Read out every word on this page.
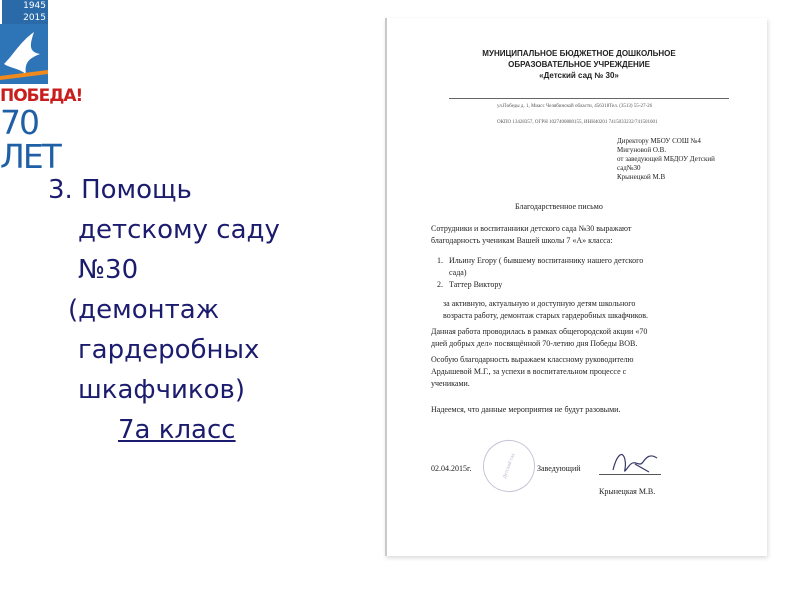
1945
2015
ПОБЕДА!
70 ЛЕТ
3. Помощь
детскому саду
№30
(демонтаж
гардеробных
шкафчиков)
7а класс
МУНИЦИПАЛЬНОЕ БЮДЖЕТНОЕ ДОШКОЛЬНОЕ
ОБРАЗОВАТЕЛЬНОЕ УЧРЕЖДЕНИЕ
«Детский сад № 30»
ул.Победы д. 1, Миасс Челябинской области, 456318Тел. (3513) 55-27-26
ОКПО 13428357, ОГРН 1027400880155, ИНН40201 7415033232/741501001
Директору МБОУ СОШ №4
Мигуновой О.В.
от заведующей МБДОУ Детский
сад№30
Крынецкой М.В
Благодарственное письмо
Сотрудники и воспитанники детского сада №30 выражают
благодарность ученикам Вашей школы 7 «А» класса:
1. Ильину Егору ( бывшему воспитаннику нашего детского
сада)
2. Таттер Виктору
за активную, актуальную и доступную детям школьного
возраста работу, демонтаж старых гардеробных шкафчиков.
Данная работа проводилась в рамках общегородской акции «70
дней добрых дел» посвящённой 70-летию дня Победы ВОВ.
Особую благодарность выражаем классному руководителю
Ардышевой М.Г., за успехи в воспитательном процессе с
учениками.
Надеемся, что данные мероприятия не будут разовыми.
Детский сад
02.04.2015г.	Заведующий
Крынецкая М.В.
